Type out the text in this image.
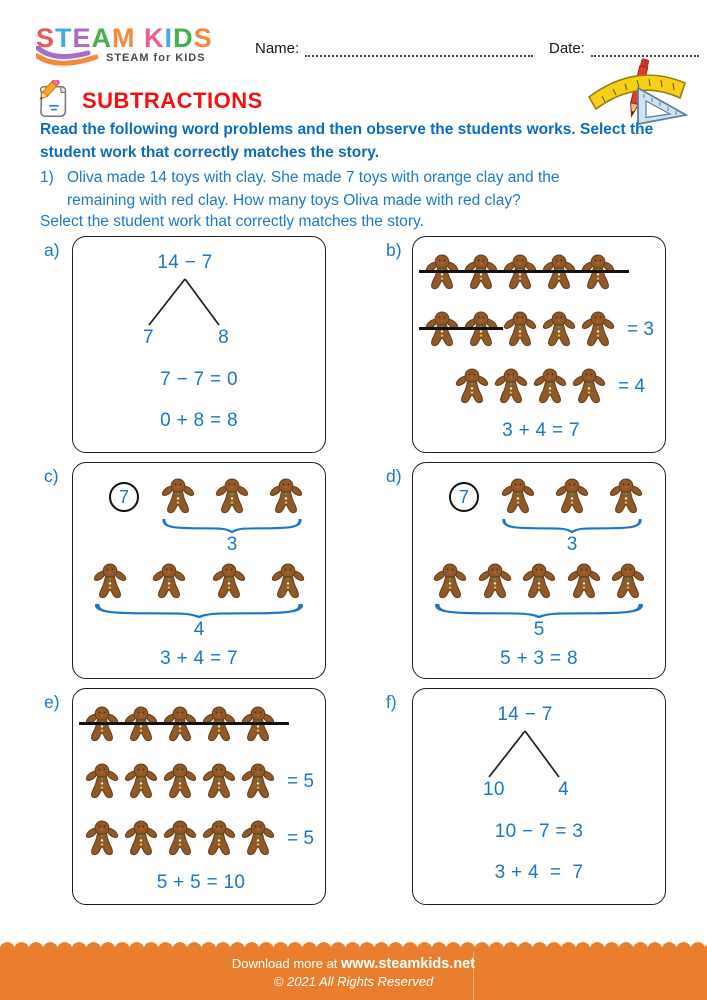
STEAM KIDS
STEAM for KIDS
Name:	Date:
SUBTRACTIONS
Read the following word problems and then observe the students works. Select the student work that correctly matches the story.
1) Oliva made 14 toys with clay. She made 7 toys with orange clay and the remaining with red clay. How many toys Oliva made with red clay?
Select the student work that correctly matches the story.
a)
14 − 7
7	8
7 − 7 = 0
0 + 8 = 8
b)
= 3
= 4
3 + 4 = 7
c)
7
3
4
3 + 4 = 7
d)
7
3
5
5 + 3 = 8
e)
= 5
= 5
5 + 5 = 10
f)
14 − 7
10	4
10 − 7 = 3
3 + 4  =  7
Download more at www.steamkids.net
© 2021 All Rights Reserved
